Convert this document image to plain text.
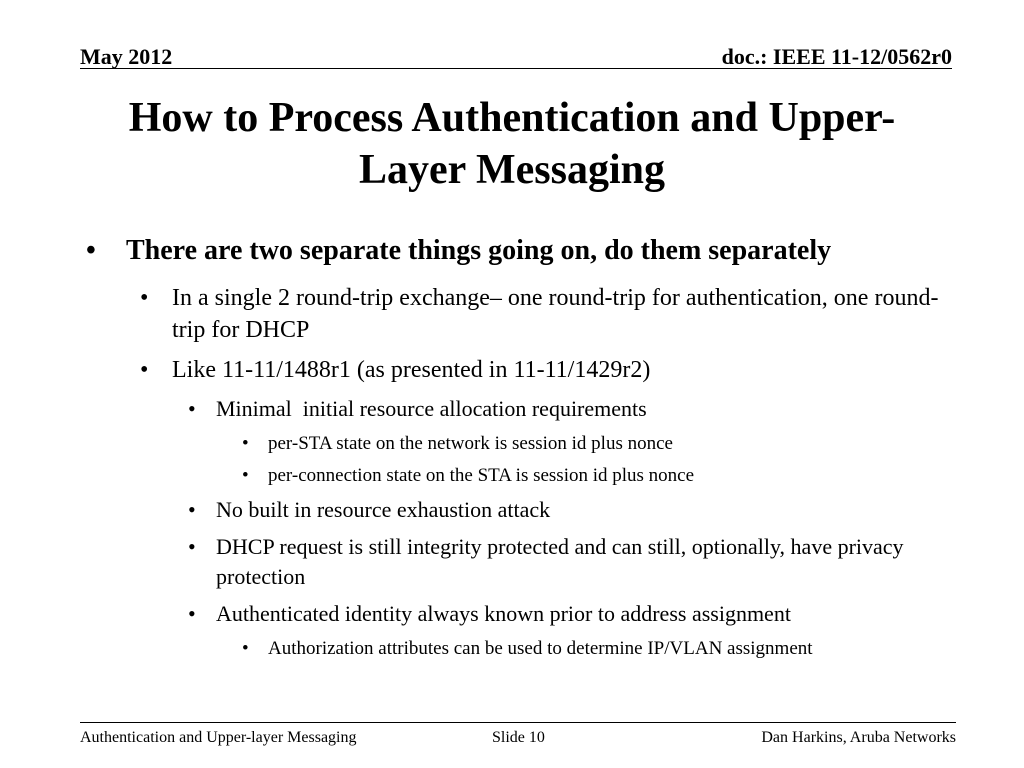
May 2012	doc.: IEEE 11-12/0562r0
How to Process Authentication and Upper-Layer Messaging
• There are two separate things going on, do them separately
• In a single 2 round-trip exchange– one round-trip for authentication, one round-trip for DHCP
• Like 11-11/1488r1 (as presented in 11-11/1429r2)
• Minimal  initial resource allocation requirements
• per-STA state on the network is session id plus nonce
• per-connection state on the STA is session id plus nonce
• No built in resource exhaustion attack
• DHCP request is still integrity protected and can still, optionally, have privacy protection
• Authenticated identity always known prior to address assignment
• Authorization attributes can be used to determine IP/VLAN assignment
Authentication and Upper-layer Messaging	Slide 10	Dan Harkins, Aruba Networks
